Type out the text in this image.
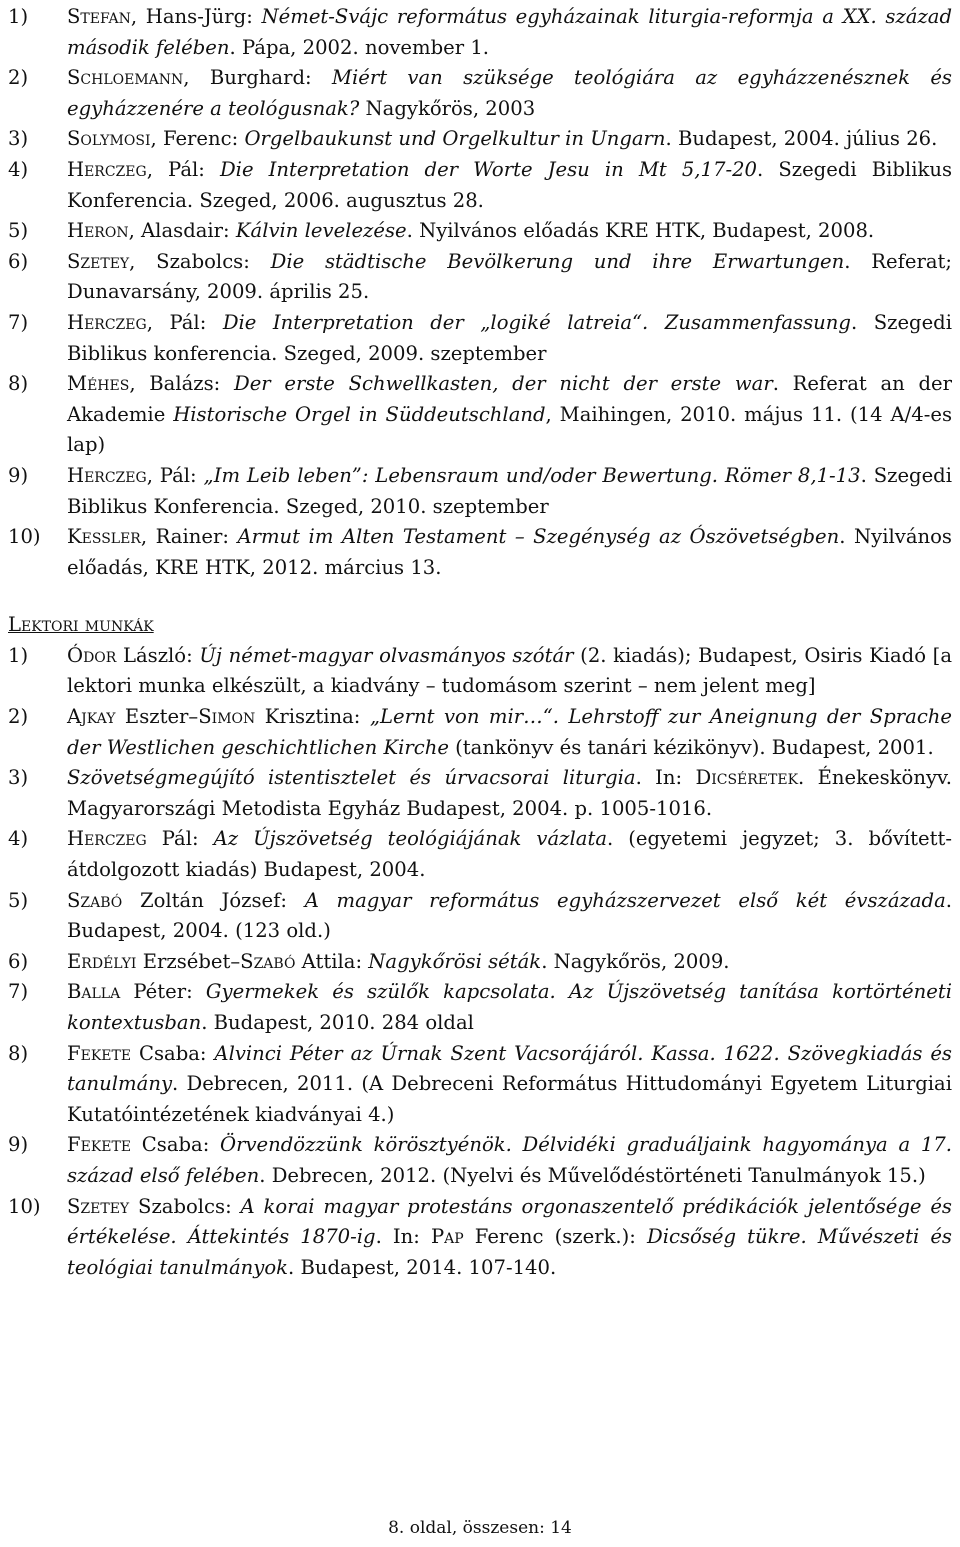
1) Stefan, Hans-Jürg: Német-Svájc református egyházainak liturgia-reformja a XX. század második felében. Pápa, 2002. november 1.
2) Schloemann, Burghard: Miért van szüksége teológiára az egyházzenésznek és egyházzenére a teológusnak? Nagykőrös, 2003
3) Solymosi, Ferenc: Orgelbaukunst und Orgelkultur in Ungarn. Budapest, 2004. július 26.
4) Herczeg, Pál: Die Interpretation der Worte Jesu in Mt 5,17-20. Szegedi Biblikus Konferencia. Szeged, 2006. augusztus 28.
5) Heron, Alasdair: Kálvin levelezése. Nyilvános előadás KRE HTK, Budapest, 2008.
6) Szetey, Szabolcs: Die städtische Bevölkerung und ihre Erwartungen. Referat; Dunavarsány, 2009. április 25.
7) Herczeg, Pál: Die Interpretation der „logiké latreia“. Zusammenfassung. Szegedi Biblikus konferencia. Szeged, 2009. szeptember
8) Méhes, Balázs: Der erste Schwellkasten, der nicht der erste war. Referat an der Akademie Historische Orgel in Süddeutschland, Maihingen, 2010. május 11. (14 A/4-es lap)
9) Herczeg, Pál: „Im Leib leben”: Lebensraum und/oder Bewertung. Römer 8,1-13. Szegedi Biblikus Konferencia. Szeged, 2010. szeptember
10) Kessler, Rainer: Armut im Alten Testament – Szegénység az Ószövetségben. Nyilvános előadás, KRE HTK, 2012. március 13.
Lektori munkák
1) Ódor László: Új német-magyar olvasmányos szótár (2. kiadás); Budapest, Osiris Kiadó [a lektori munka elkészült, a kiadvány – tudomásom szerint – nem jelent meg]
2) Ajkay Eszter–Simon Krisztina: „Lernt von mir…“. Lehrstoff zur Aneignung der Sprache der Westlichen geschichtlichen Kirche (tankönyv és tanári kézikönyv). Budapest, 2001.
3) Szövetségmegújító istentisztelet és úrvacsorai liturgia. In: Dicséretek. Énekeskönyv. Magyarországi Metodista Egyház Budapest, 2004. p. 1005-1016.
4) Herczeg Pál: Az Újszövetség teológiájának vázlata. (egyetemi jegyzet; 3. bővített-átdolgozott kiadás) Budapest, 2004.
5) Szabó Zoltán József: A magyar református egyházszervezet első két évszázada. Budapest, 2004. (123 old.)
6) Erdélyi Erzsébet–Szabó Attila: Nagykőrösi séták. Nagykőrös, 2009.
7) Balla Péter: Gyermekek és szülők kapcsolata. Az Újszövetség tanítása kortörténeti kontextusban. Budapest, 2010. 284 oldal
8) Fekete Csaba: Alvinci Péter az Úrnak Szent Vacsorájáról. Kassa. 1622. Szövegkiadás és tanulmány. Debrecen, 2011. (A Debreceni Református Hittudományi Egyetem Liturgiai Kutatóintézetének kiadványai 4.)
9) Fekete Csaba: Örvendözzünk körösztyénök. Délvidéki graduáljaink hagyománya a 17. század első felében. Debrecen, 2012. (Nyelvi és Művelődéstörténeti Tanulmányok 15.)
10) Szetey Szabolcs: A korai magyar protestáns orgonaszentelő prédikációk jelentősége és értékelése. Áttekintés 1870-ig. In: Pap Ferenc (szerk.): Dicsőség tükre. Művészeti és teológiai tanulmányok. Budapest, 2014. 107-140.
8. oldal, összesen: 14
